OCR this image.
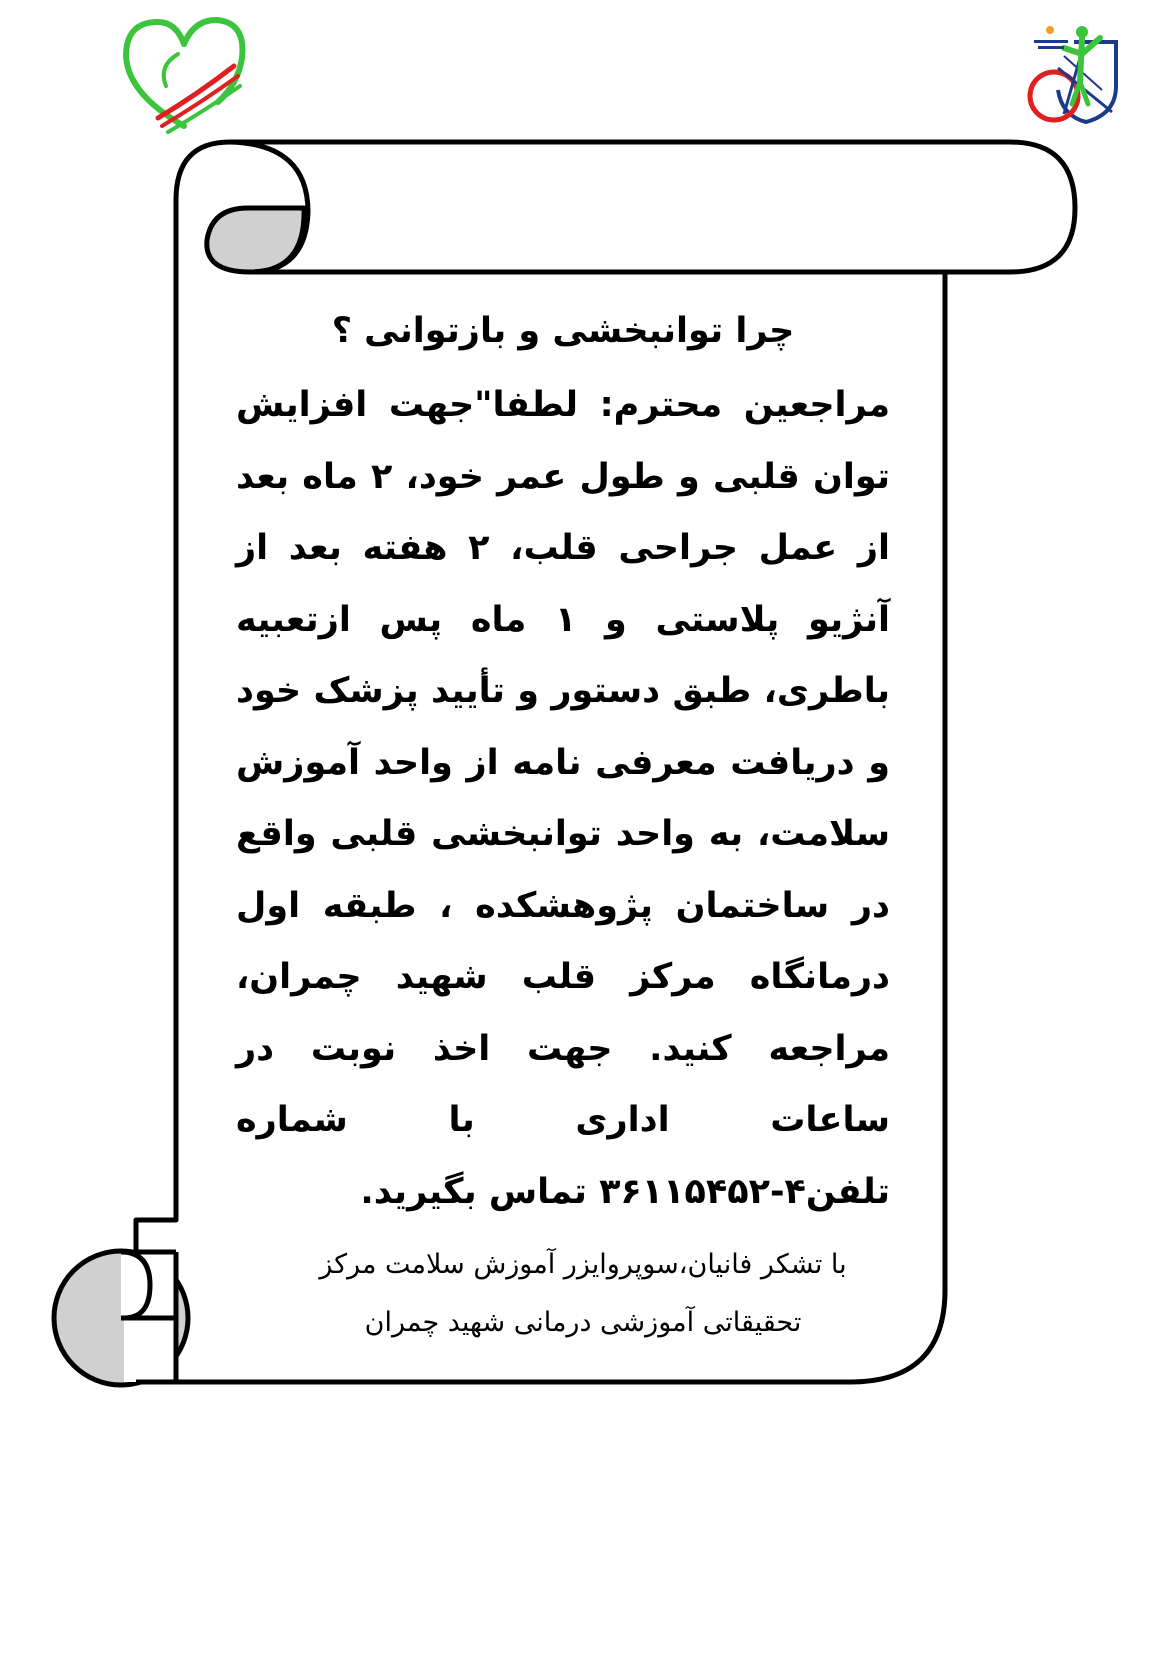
چرا توانبخشی و بازتوانی ؟

مراجعین محترم: لطفا"جهت افزایش توان قلبی و طول عمر خود، ۲ ماه بعد از عمل جراحی قلب، ۲ هفته بعد از آنژیو پلاستی و ۱ ماه پس ازتعبیه باطری، طبق دستور و تأیید پزشک خود و دریافت معرفی نامه از واحد آموزش سلامت، به واحد توانبخشی قلبی واقع در ساختمان پژوهشکده ، طبقه اول درمانگاه مرکز قلب شهید چمران، مراجعه کنید. جهت اخذ نوبت در ساعات اداری با شماره تلفن۴-۳۶۱۱۵۴۵۲ تماس بگیرید.

با تشکر فانیان،سوپروایزر آموزش سلامت مرکز تحقیقاتی آموزشی درمانی شهید چمران
